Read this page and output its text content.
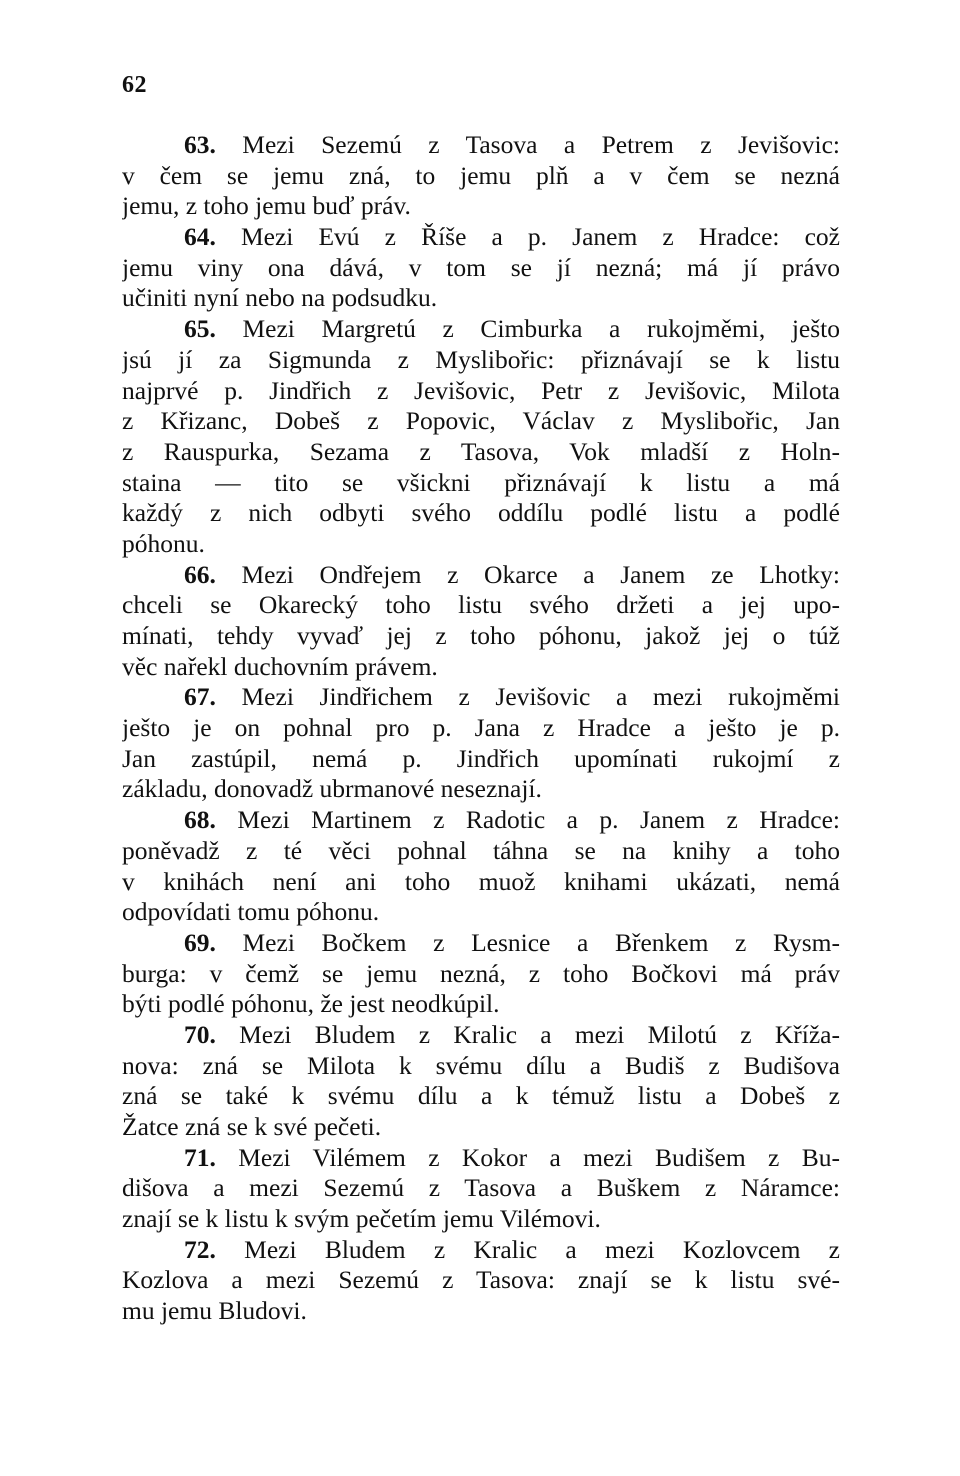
62
63. Mezi Sezemú z Tasova a Petrem z Jevišovic:
v čem se jemu zná, to jemu plň a v čem se nezná
jemu, z toho jemu buď práv.
64. Mezi Evú z Říše a p. Janem z Hradce: což
jemu viny ona dává, v tom se jí nezná; má jí právo
učiniti nyní nebo na podsudku.
65. Mezi Margretú z Cimburka a rukojměmi, ješto
jsú jí za Sigmunda z Myslibořic: přiznávají se k listu
najprvé p. Jindřich z Jevišovic, Petr z Jevišovic, Milota
z Křizanc, Dobeš z Popovic, Václav z Myslibořic, Jan
z Rauspurka, Sezama z Tasova, Vok mladší z Holn-
staina — tito se všickni přiznávají k listu a má
každý z nich odbyti svého oddílu podlé listu a podlé
póhonu.
66. Mezi Ondřejem z Okarce a Janem ze Lhotky:
chceli se Okarecký toho listu svého držeti a jej upo-
mínati, tehdy vyvaď jej z toho póhonu, jakož jej o túž
věc nařekl duchovním právem.
67. Mezi Jindřichem z Jevišovic a mezi rukojměmi
ješto je on pohnal pro p. Jana z Hradce a ješto je p.
Jan zastúpil, nemá p. Jindřich upomínati rukojmí z
základu, donovadž ubrmanové neseznají.
68. Mezi Martinem z Radotic a p. Janem z Hradce:
poněvadž z té věci pohnal táhna se na knihy a toho
v knihách není ani toho muož knihami ukázati, nemá
odpovídati tomu póhonu.
69. Mezi Bočkem z Lesnice a Břenkem z Rysm-
burga: v čemž se jemu nezná, z toho Bočkovi má práv
býti podlé póhonu, že jest neodkúpil.
70. Mezi Bludem z Kralic a mezi Milotú z Kříža-
nova: zná se Milota k svému dílu a Budiš z Budišova
zná se také k svému dílu a k témuž listu a Dobeš z
Žatce zná se k své pečeti.
71. Mezi Vilémem z Kokor a mezi Budišem z Bu-
dišova a mezi Sezemú z Tasova a Buškem z Náramce:
znají se k listu k svým pečetím jemu Vilémovi.
72. Mezi Bludem z Kralic a mezi Kozlovcem z
Kozlova a mezi Sezemú z Tasova: znají se k listu své-
mu jemu Bludovi.
